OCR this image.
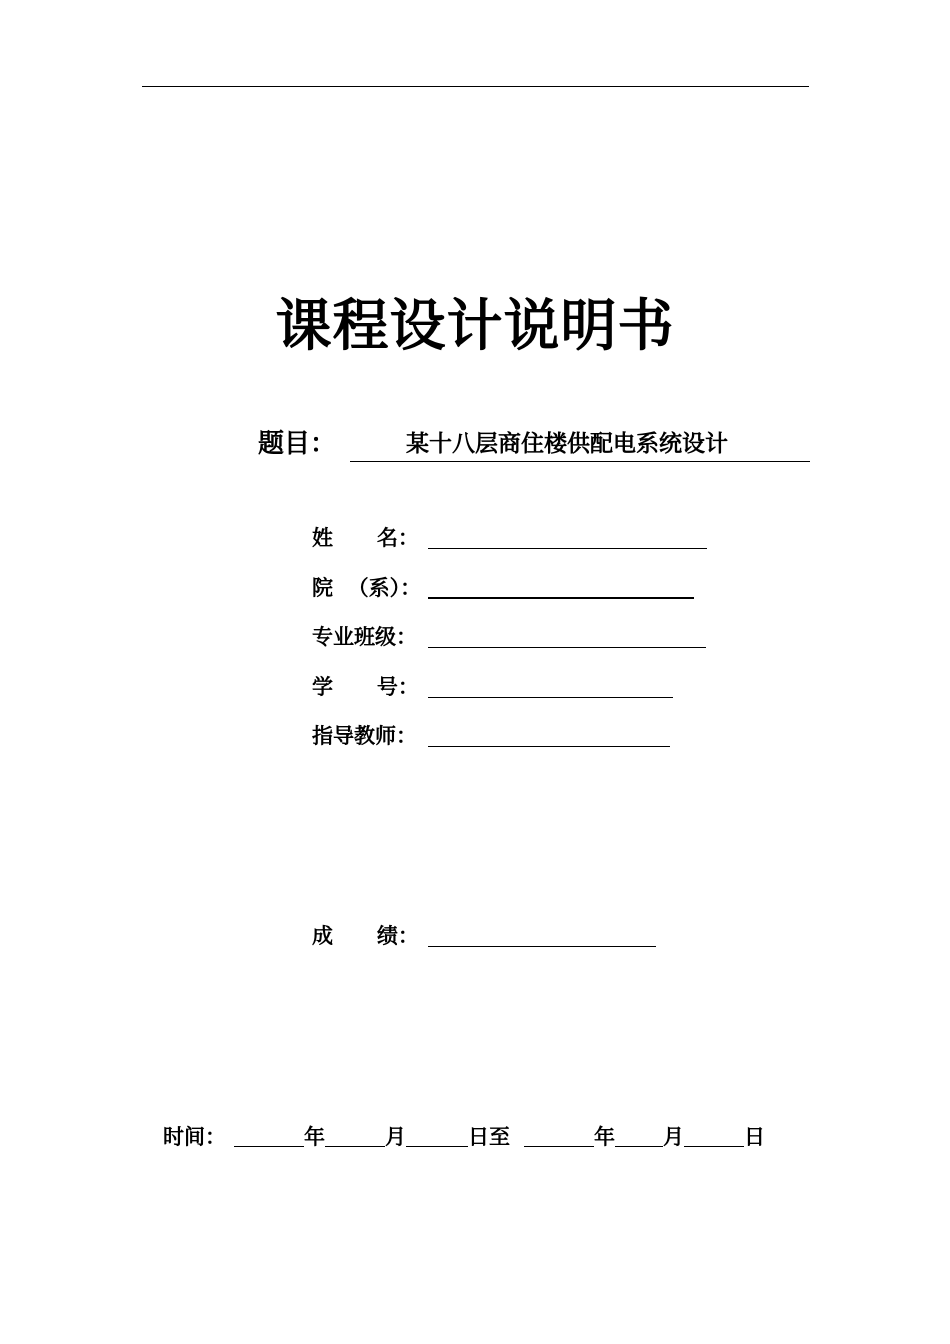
课程设计说明书
题目：	某十八层商住楼供配电系统设计
姓      名：
院  （系）：
专业班级：
学      号：
指导教师：
成      绩：
时间：	年	月	日至	年 月	日
